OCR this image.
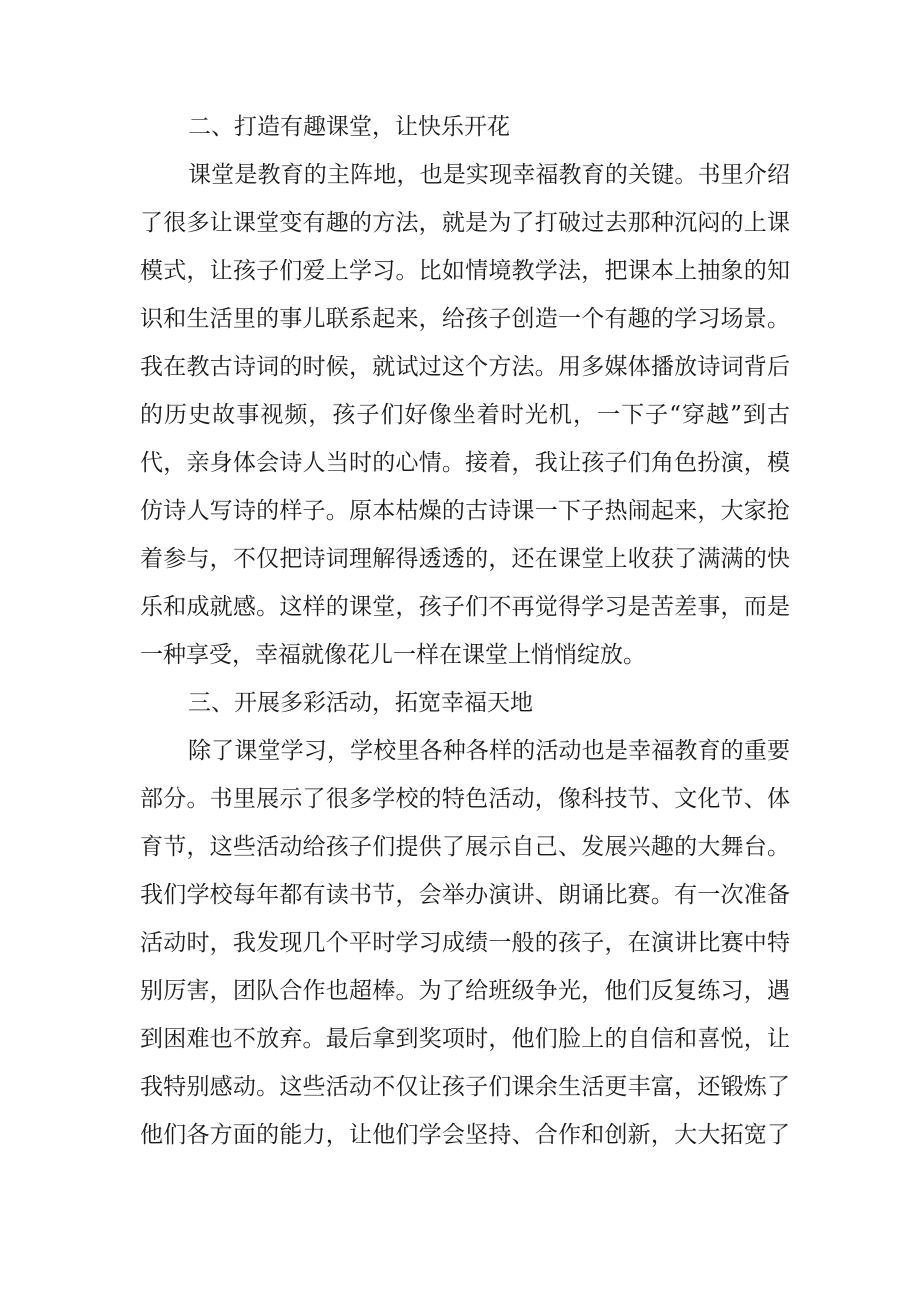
二、打造有趣课堂，让快乐开花
课堂是教育的主阵地，也是实现幸福教育的关键。书里介绍
了很多让课堂变有趣的方法，就是为了打破过去那种沉闷的上课
模式，让孩子们爱上学习。比如情境教学法，把课本上抽象的知
识和生活里的事儿联系起来，给孩子创造一个有趣的学习场景。
我在教古诗词的时候，就试过这个方法。用多媒体播放诗词背后
的历史故事视频，孩子们好像坐着时光机，一下子“穿越”到古
代，亲身体会诗人当时的心情。接着，我让孩子们角色扮演，模
仿诗人写诗的样子。原本枯燥的古诗课一下子热闹起来，大家抢
着参与，不仅把诗词理解得透透的，还在课堂上收获了满满的快
乐和成就感。这样的课堂，孩子们不再觉得学习是苦差事，而是
一种享受，幸福就像花儿一样在课堂上悄悄绽放。
三、开展多彩活动，拓宽幸福天地
除了课堂学习，学校里各种各样的活动也是幸福教育的重要
部分。书里展示了很多学校的特色活动，像科技节、文化节、体
育节，这些活动给孩子们提供了展示自己、发展兴趣的大舞台。
我们学校每年都有读书节，会举办演讲、朗诵比赛。有一次准备
活动时，我发现几个平时学习成绩一般的孩子，在演讲比赛中特
别厉害，团队合作也超棒。为了给班级争光，他们反复练习，遇
到困难也不放弃。最后拿到奖项时，他们脸上的自信和喜悦，让
我特别感动。这些活动不仅让孩子们课余生活更丰富，还锻炼了
他们各方面的能力，让他们学会坚持、合作和创新，大大拓宽了
